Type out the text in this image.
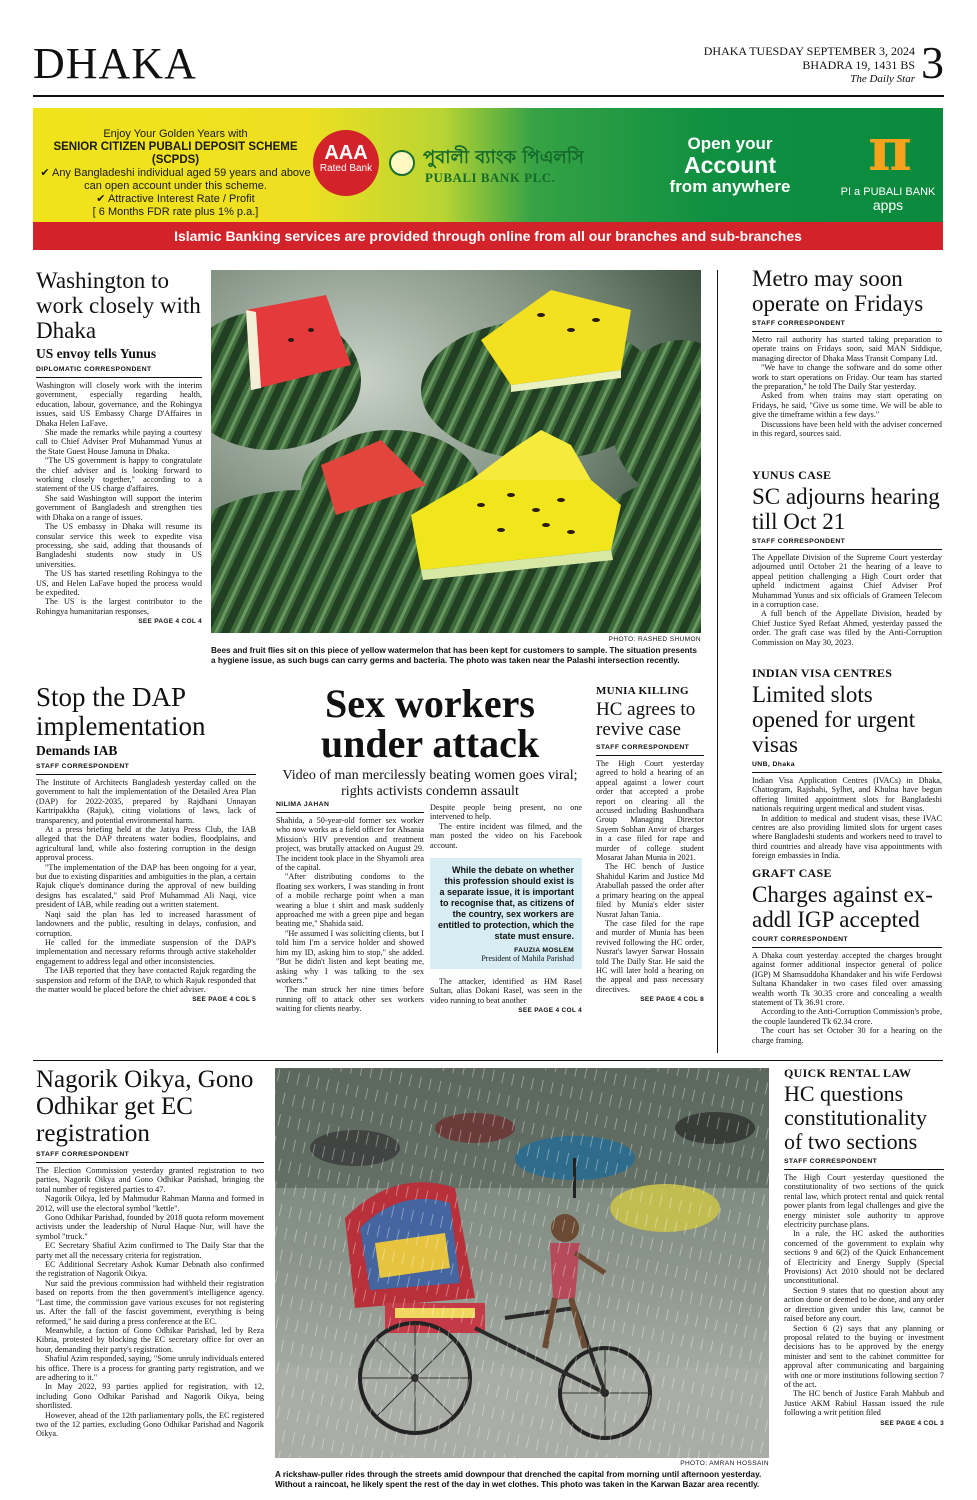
DHAKA	DHAKA TUESDAY SEPTEMBER 3, 2024
BHADRA 19, 1431 BS
The Daily Star 3
Enjoy Your Golden Years with
SENIOR CITIZEN PUBALI DEPOSIT SCHEME (SCPDS)
✔ Any Bangladeshi individual aged 59 years and above
can open account under this scheme.
✔ Attractive Interest Rate / Profit
[ 6 Months FDR rate plus 1% p.a.]
AAA
Rated Bank
পুবালী ব্যাংক পিএলসি
PUBALI BANK PLC.
Open your
Account
from anywhere
π
PI a PUBALI BANK
apps
Islamic Banking services are provided through online from all our branches and sub-branches
Washington to work closely with Dhaka
US envoy tells Yunus
DIPLOMATIC CORRESPONDENT

Washington will closely work with the interim government, especially regarding health, education, labour, governance, and the Rohingya issues, said US Embassy Charge D'Affaires in Dhaka Helen LaFave.

She made the remarks while paying a courtesy call to Chief Adviser Prof Muhammad Yunus at the State Guest House Jamuna in Dhaka.

"The US government is happy to congratulate the chief adviser and is looking forward to working closely together," according to a statement of the US charge d'affaires.

She said Washington will support the interim government of Bangladesh and strengthen ties with Dhaka on a range of issues.

The US embassy in Dhaka will resume its consular service this week to expedite visa processing, she said, adding that thousands of Bangladeshi students now study in US universities.

The US has started resettling Rohingya to the US, and Helen LaFave hoped the process would be expedited.

The US is the largest contributor to the Rohingya humanitarian responses,

SEE PAGE 4 COL 4
PHOTO: RASHED SHUMON
Bees and fruit flies sit on this piece of yellow watermelon that has been kept for customers to sample. The situation presents a hygiene issue, as such bugs can carry germs and bacteria. The photo was taken near the Palashi intersection recently.
Metro may soon operate on Fridays
STAFF CORRESPONDENT

Metro rail authority has started taking preparation to operate trains on Fridays soon, said MAN Siddique, managing director of Dhaka Mass Transit Company Ltd.

"We have to change the software and do some other work to start operations on Friday. Our team has started the preparation," he told The Daily Star yesterday.

Asked from when trains may start operating on Fridays, he said, "Give us some time. We will be able to give the timeframe within a few days."

Discussions have been held with the adviser concerned in this regard, sources said.

YUNUS CASE
SC adjourns hearing till Oct 21
STAFF CORRESPONDENT

The Appellate Division of the Supreme Court yesterday adjourned until October 21 the hearing of a leave to appeal petition challenging a High Court order that upheld indictment against Chief Adviser Prof Muhammad Yunus and six officials of Grameen Telecom in a corruption case.

A full bench of the Appellate Division, headed by Chief Justice Syed Refaat Ahmed, yesterday passed the order. The graft case was filed by the Anti-Corruption Commission on May 30, 2023.

INDIAN VISA CENTRES
Limited slots opened for urgent visas
UNB, Dhaka

Indian Visa Application Centres (IVACs) in Dhaka, Chattogram, Rajshahi, Sylhet, and Khulna have begun offering limited appointment slots for Bangladeshi nationals requiring urgent medical and student visas.

In addition to medical and student visas, these IVAC centres are also providing limited slots for urgent cases where Bangladeshi students and workers need to travel to third countries and already have visa appointments with foreign embassies in India.

GRAFT CASE
Charges against ex-addl IGP accepted
COURT CORRESPONDENT

A Dhaka court yesterday accepted the charges brought against former additional inspector general of police (IGP) M Shamsuddoha Khandaker and his wife Ferdowsi Sultana Khandaker in two cases filed over amassing wealth worth Tk 30.35 crore and concealing a wealth statement of Tk 36.91 crore.

According to the Anti-Corruption Commission's probe, the couple laundered Tk 62.34 crore.

The court has set October 30 for a hearing on the charge framing.

Stop the DAP implementation
Demands IAB
STAFF CORRESPONDENT

The Institute of Architects Bangladesh yesterday called on the government to halt the implementation of the Detailed Area Plan (DAP) for 2022-2035, prepared by Rajdhani Unnayan Kartripakkha (Rajuk), citing violations of laws, lack of transparency, and potential environmental harm.

At a press briefing held at the Jatiya Press Club, the IAB alleged that the DAP threatens water bodies, floodplains, and agricultural land, while also fostering corruption in the design approval process.

"The implementation of the DAP has been ongoing for a year, but due to existing disparities and ambiguities in the plan, a certain Rajuk clique's dominance during the approval of new building designs has escalated," said Prof Muhammad Ali Naqi, vice president of IAB, while reading out a written statement.

Naqi said the plan has led to increased harassment of landowners and the public, resulting in delays, confusion, and corruption.

He called for the immediate suspension of the DAP's implementation and necessary reforms through active stakeholder engagement to address legal and other inconsistencies.

The IAB reported that they have contacted Rajuk regarding the suspension and reform of the DAP, to which Rajuk responded that the matter would be placed before the chief adviser.

SEE PAGE 4 COL 5
Sex workers under attack
Video of man mercilessly beating women goes viral; rights activists condemn assault
NILIMA JAHAN

Shahida, a 50-year-old former sex worker who now works as a field officer for Ahsania Mission's HIV prevention and treatment project, was brutally attacked on August 29. The incident took place in the Shyamoli area of the capital.

"After distributing condoms to the floating sex workers, I was standing in front of a mobile recharge point when a man wearing a blue t shirt and mask suddenly approached me with a green pipe and began beating me," Shahida said.

"He assumed I was soliciting clients, but I told him I'm a service holder and showed him my ID, asking him to stop," she added. "But he didn't listen and kept beating me, asking why I was talking to the sex workers."

The man struck her nine times before running off to attack other sex workers waiting for clients nearby.

Despite people being present, no one intervened to help.

The entire incident was filmed, and the man posted the video on his Facebook account.

While the debate on whether this profession should exist is a separate issue, it is important to recognise that, as citizens of the country, sex workers are entitled to protection, which the state must ensure.
FAUZIA MOSLEM
President of Mahila Parishad

The attacker, identified as HM Rasel Sultan, alias Dokani Rasel, was seen in the video running to beat another

SEE PAGE 4 COL 4
MUNIA KILLING
HC agrees to revive case
STAFF CORRESPONDENT

The High Court yesterday agreed to hold a hearing of an appeal against a lower court order that accepted a probe report on clearing all the accused including Bashundhara Group Managing Director Sayem Sobhan Anvir of charges in a case filed for rape and murder of college student Mosarat Jahan Munia in 2021.

The HC bench of Justice Shahidul Karim and Justice Md Atabullah passed the order after a primary hearing on the appeal filed by Munia's elder sister Nusrat Jahan Tania.

The case filed for the rape and murder of Munia has been revived following the HC order, Nusrat's lawyer Sarwar Hossain told The Daily Star. He said the HC will later hold a hearing on the appeal and pass necessary directives.

SEE PAGE 4 COL 8
Nagorik Oikya, Gono Odhikar get EC registration
STAFF CORRESPONDENT

The Election Commission yesterday granted registration to two parties, Nagorik Oikya and Gono Odhikar Parishad, bringing the total number of registered parties to 47.

Nagorik Oikya, led by Mahmudur Rahman Manna and formed in 2012, will use the electoral symbol "kettle".

Gono Odhikar Parishad, founded by 2018 quota reform movement activists under the leadership of Nurul Haque Nur, will have the symbol "truck."

EC Secretary Shafiul Azim confirmed to The Daily Star that the party met all the necessary criteria for registration.

EC Additional Secretary Ashok Kumar Debnath also confirmed the registration of Nagorik Oikya.

Nur said the previous commission had withheld their registration based on reports from the then government's intelligence agency. "Last time, the commission gave various excuses for not registering us. After the fall of the fascist government, everything is being reformed," he said during a press conference at the EC.

Meanwhile, a faction of Gono Odhikar Parishad, led by Reza Kibria, protested by blocking the EC secretary office for over an hour, demanding their party's registration.

Shafiul Azim responded, saying, "Some unruly individuals entered his office. There is a process for granting party registration, and we are adhering to it."

In May 2022, 93 parties applied for registration, with 12, including Gono Odhikar Parishad and Nagorik Oikya, being shortlisted.

However, ahead of the 12th parliamentary polls, the EC registered two of the 12 parties, excluding Gono Odhikar Parishad and Nagorik Oikya.

PHOTO: AMRAN HOSSAIN
A rickshaw-puller rides through the streets amid downpour that drenched the capital from morning until afternoon yesterday. Without a raincoat, he likely spent the rest of the day in wet clothes. This photo was taken in the Karwan Bazar area recently.
QUICK RENTAL LAW
HC questions constitutionality of two sections
STAFF CORRESPONDENT

The High Court yesterday questioned the constitutionality of two sections of the quick rental law, which protect rental and quick rental power plants from legal challenges and give the energy minister sole authority to approve electricity purchase plans.

In a rule, the HC asked the authorities concerned of the government to explain why sections 9 and 6(2) of the Quick Enhancement of Electricity and Energy Supply (Special Provisions) Act 2010 should not be declared unconstitutional.

Section 9 states that no question about any action done or deemed to be done, and any order or direction given under this law, cannot be raised before any court.

Section 6 (2) says that any planning or proposal related to the buying or investment decisions has to be approved by the energy minister and sent to the cabinet committee for approval after communicating and bargaining with one or more institutions following section 7 of the act.

The HC bench of Justice Farah Mahbub and Justice AKM Rabiul Hassan issued the rule following a writ petition filed

SEE PAGE 4 COL 3
